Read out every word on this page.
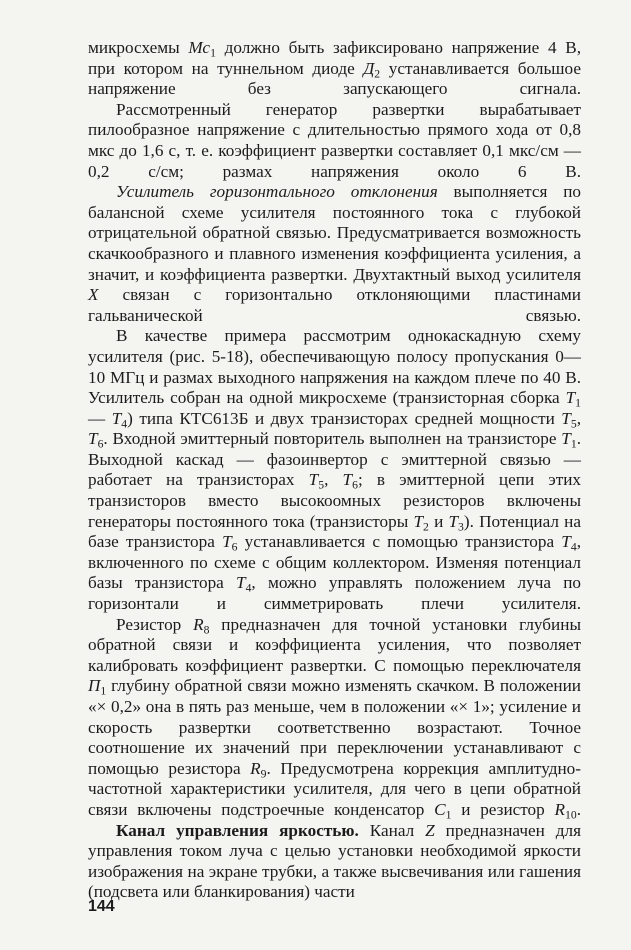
микросхемы $Мс_1$ должно быть зафиксировано напряжение 4 В, при котором на туннельном диоде $Д_2$ устанавливается большое напряжение без запускающего сигнала.

Рассмотренный генератор развертки вырабатывает пилообразное напряжение с длительностью прямого хода от 0,8 мкс до 1,6 с, т. е. коэффициент развертки составляет 0,1 мкс/см — 0,2 с/см; размах напряжения около 6 В.

Усилитель горизонтального отклонения выполняется по балансной схеме усилителя постоянного тока с глубокой отрицательной обратной связью. Предусматривается возможность скачкообразного и плавного изменения коэффициента усиления, а значит, и коэффициента развертки. Двухтактный выход усилителя X связан с горизонтально отклоняющими пластинами гальванической связью.

В качестве примера рассмотрим однокаскадную схему усилителя (рис. 5-18), обеспечивающую полосу пропускания 0—10 МГц и размах выходного напряжения на каждом плече по 40 В. Усилитель собран на одной микросхеме (транзисторная сборка $Т_1$ — $Т_4$) типа КТС613Б и двух транзисторах средней мощности $Т_5$, $Т_6$. Входной эмиттерный повторитель выполнен на транзисторе $Т_1$. Выходной каскад — фазоинвертор с эмиттерной связью — работает на транзисторах $Т_5$, $Т_6$; в эмиттерной цепи этих транзисторов вместо высокоомных резисторов включены генераторы постоянного тока (транзисторы $Т_2$ и $Т_3$). Потенциал на базе транзистора $Т_6$ устанавливается с помощью транзистора $Т_4$, включенного по схеме с общим коллектором. Изменяя потенциал базы транзистора $Т_4$, можно управлять положением луча по горизонтали и симметрировать плечи усилителя.

Резистор $R_8$ предназначен для точной установки глубины обратной связи и коэффициента усиления, что позволяет калибровать коэффициент развертки. С помощью переключателя $П_1$ глубину обратной связи можно изменять скачком. В положении «× 0,2» она в пять раз меньше, чем в положении «× 1»; усиление и скорость развертки соответственно возрастают. Точное соотношение их значений при переключении устанавливают с помощью резистора $R_9$. Предусмотрена коррекция амплитудно-частотной характеристики усилителя, для чего в цепи обратной связи включены подстроечные конденсатор $C_1$ и резистор $R_{10}$.

Канал управления яркостью. Канал Z предназначен для управления током луча с целью установки необходимой яркости изображения на экране трубки, а также высвечивания или гашения (подсвета или бланкирования) части

144
